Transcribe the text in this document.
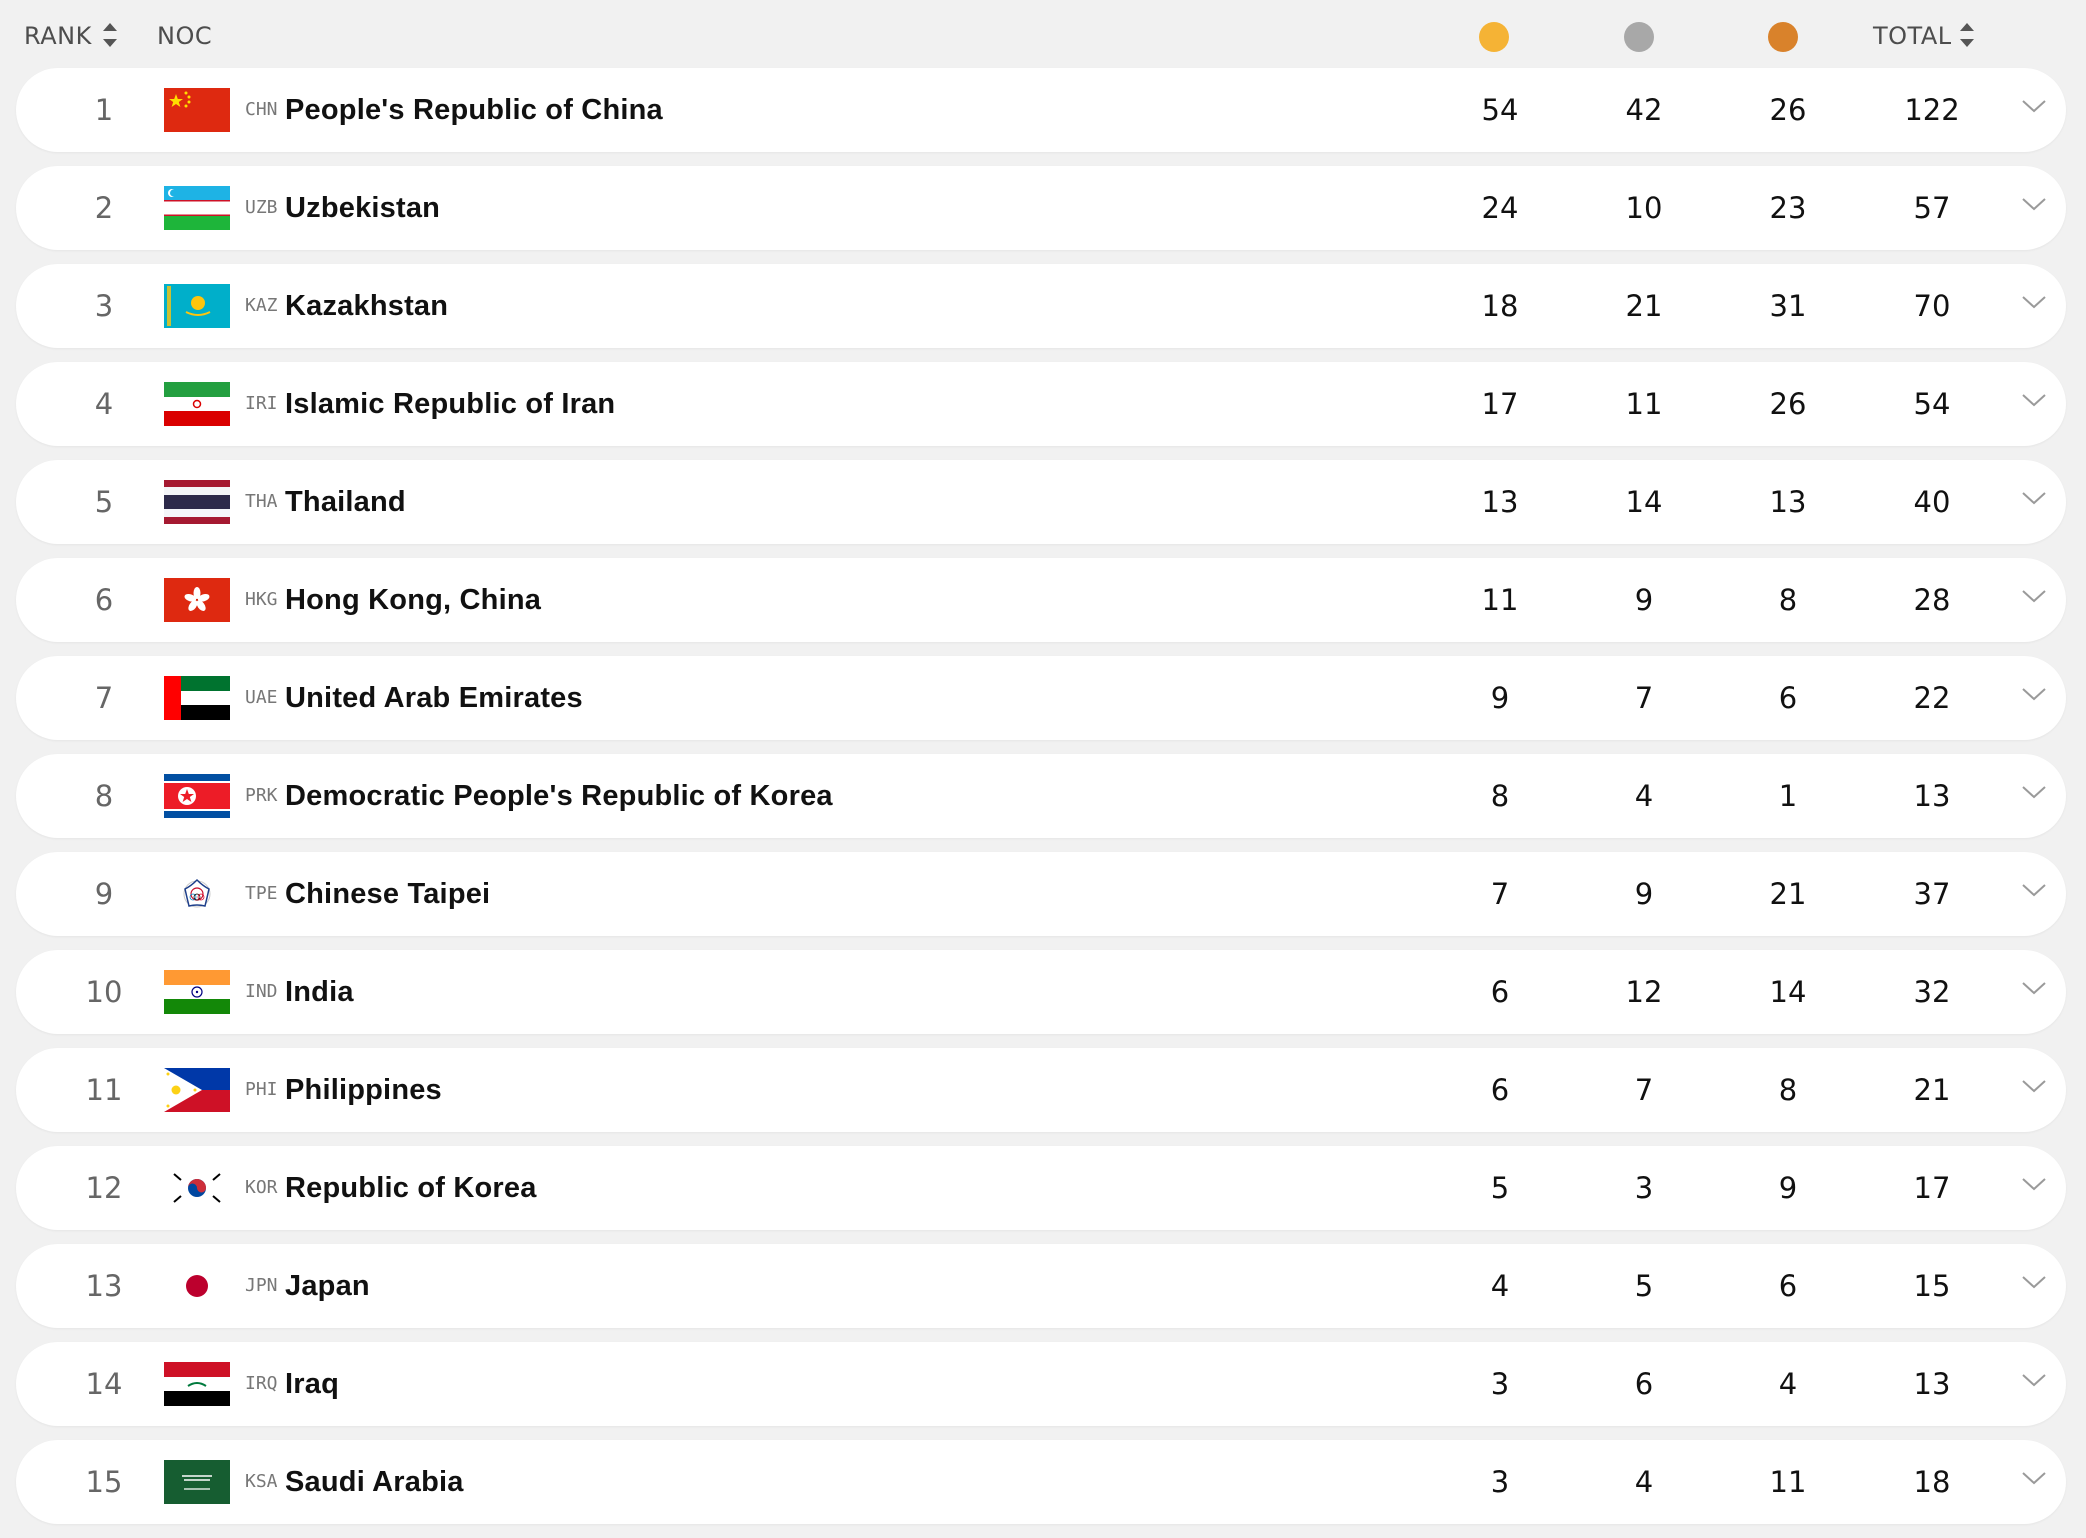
RANK	NOC	TOTAL
1	CHN People's Republic of China	54	42	26	122
2	UZB Uzbekistan	24	10	23	57
3	KAZ Kazakhstan	18	21	31	70
4	IRI Islamic Republic of Iran	17	11	26	54
5	THA Thailand	13	14	13	40
6	HKG Hong Kong, China	11	9	8	28
7	UAE United Arab Emirates	9	7	6	22
8	PRK Democratic People's Republic of Korea	8	4	1	13
9	TPE Chinese Taipei	7	9	21	37
10	IND India	6	12	14	32
11	PHI Philippines	6	7	8	21
12	KOR Republic of Korea	5	3	9	17
13	JPN Japan	4	5	6	15
14	IRQ Iraq	3	6	4	13
15	KSA Saudi Arabia	3	4	11	18
